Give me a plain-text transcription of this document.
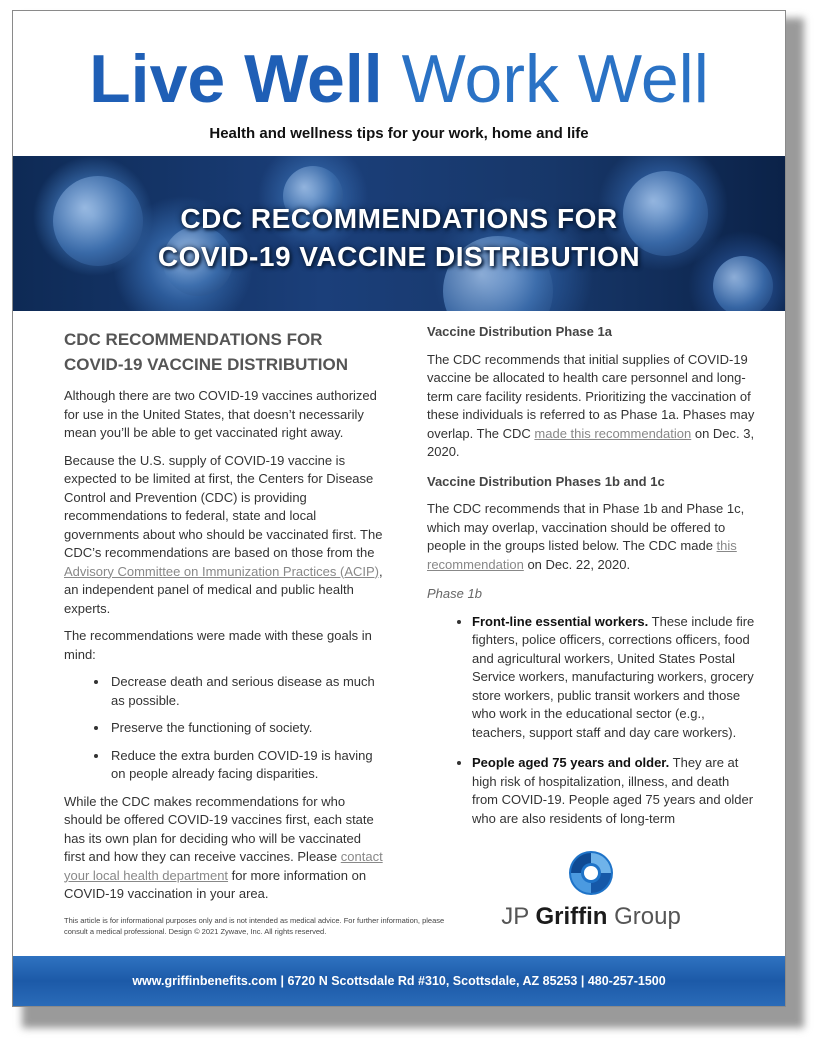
Live Well Work Well
Health and wellness tips for your work, home and life
CDC RECOMMENDATIONS FOR
COVID-19 VACCINE DISTRIBUTION
CDC RECOMMENDATIONS FOR
COVID-19 VACCINE DISTRIBUTION

Although there are two COVID-19 vaccines authorized for use in the United States, that doesn’t necessarily mean you’ll be able to get vaccinated right away.

Because the U.S. supply of COVID-19 vaccine is expected to be limited at first, the Centers for Disease Control and Prevention (CDC) is providing recommendations to federal, state and local governments about who should be vaccinated first. The CDC’s recommendations are based on those from the Advisory Committee on Immunization Practices (ACIP), an independent panel of medical and public health experts.

The recommendations were made with these goals in mind:

• Decrease death and serious disease as much as possible.
• Preserve the functioning of society.
• Reduce the extra burden COVID-19 is having on people already facing disparities.

While the CDC makes recommendations for who should be offered COVID-19 vaccines first, each state has its own plan for deciding who will be vaccinated first and how they can receive vaccines. Please contact your local health department for more information on COVID-19 vaccination in your area.

Vaccine Distribution Phase 1a

The CDC recommends that initial supplies of COVID-19 vaccine be allocated to health care personnel and long-term care facility residents. Prioritizing the vaccination of these individuals is referred to as Phase 1a. Phases may overlap. The CDC made this recommendation on Dec. 3, 2020.

Vaccine Distribution Phases 1b and 1c

The CDC recommends that in Phase 1b and Phase 1c, which may overlap, vaccination should be offered to people in the groups listed below. The CDC made this recommendation on Dec. 22, 2020.

Phase 1b

• Front-line essential workers. These include fire fighters, police officers, corrections officers, food and agricultural workers, United States Postal Service workers, manufacturing workers, grocery store workers, public transit workers and those who work in the educational sector (e.g., teachers, support staff and day care workers).
• People aged 75 years and older. They are at high risk of hospitalization, illness, and death from COVID-19. People aged 75 years and older who are also residents of long-term
This article is for informational purposes only and is not intended as medical advice. For further information, please consult a medical professional. Design © 2021 Zywave, Inc. All rights reserved.
JP Griffin Group
www.griffinbenefits.com | 6720 N Scottsdale Rd #310, Scottsdale, AZ 85253 | 480-257-1500
